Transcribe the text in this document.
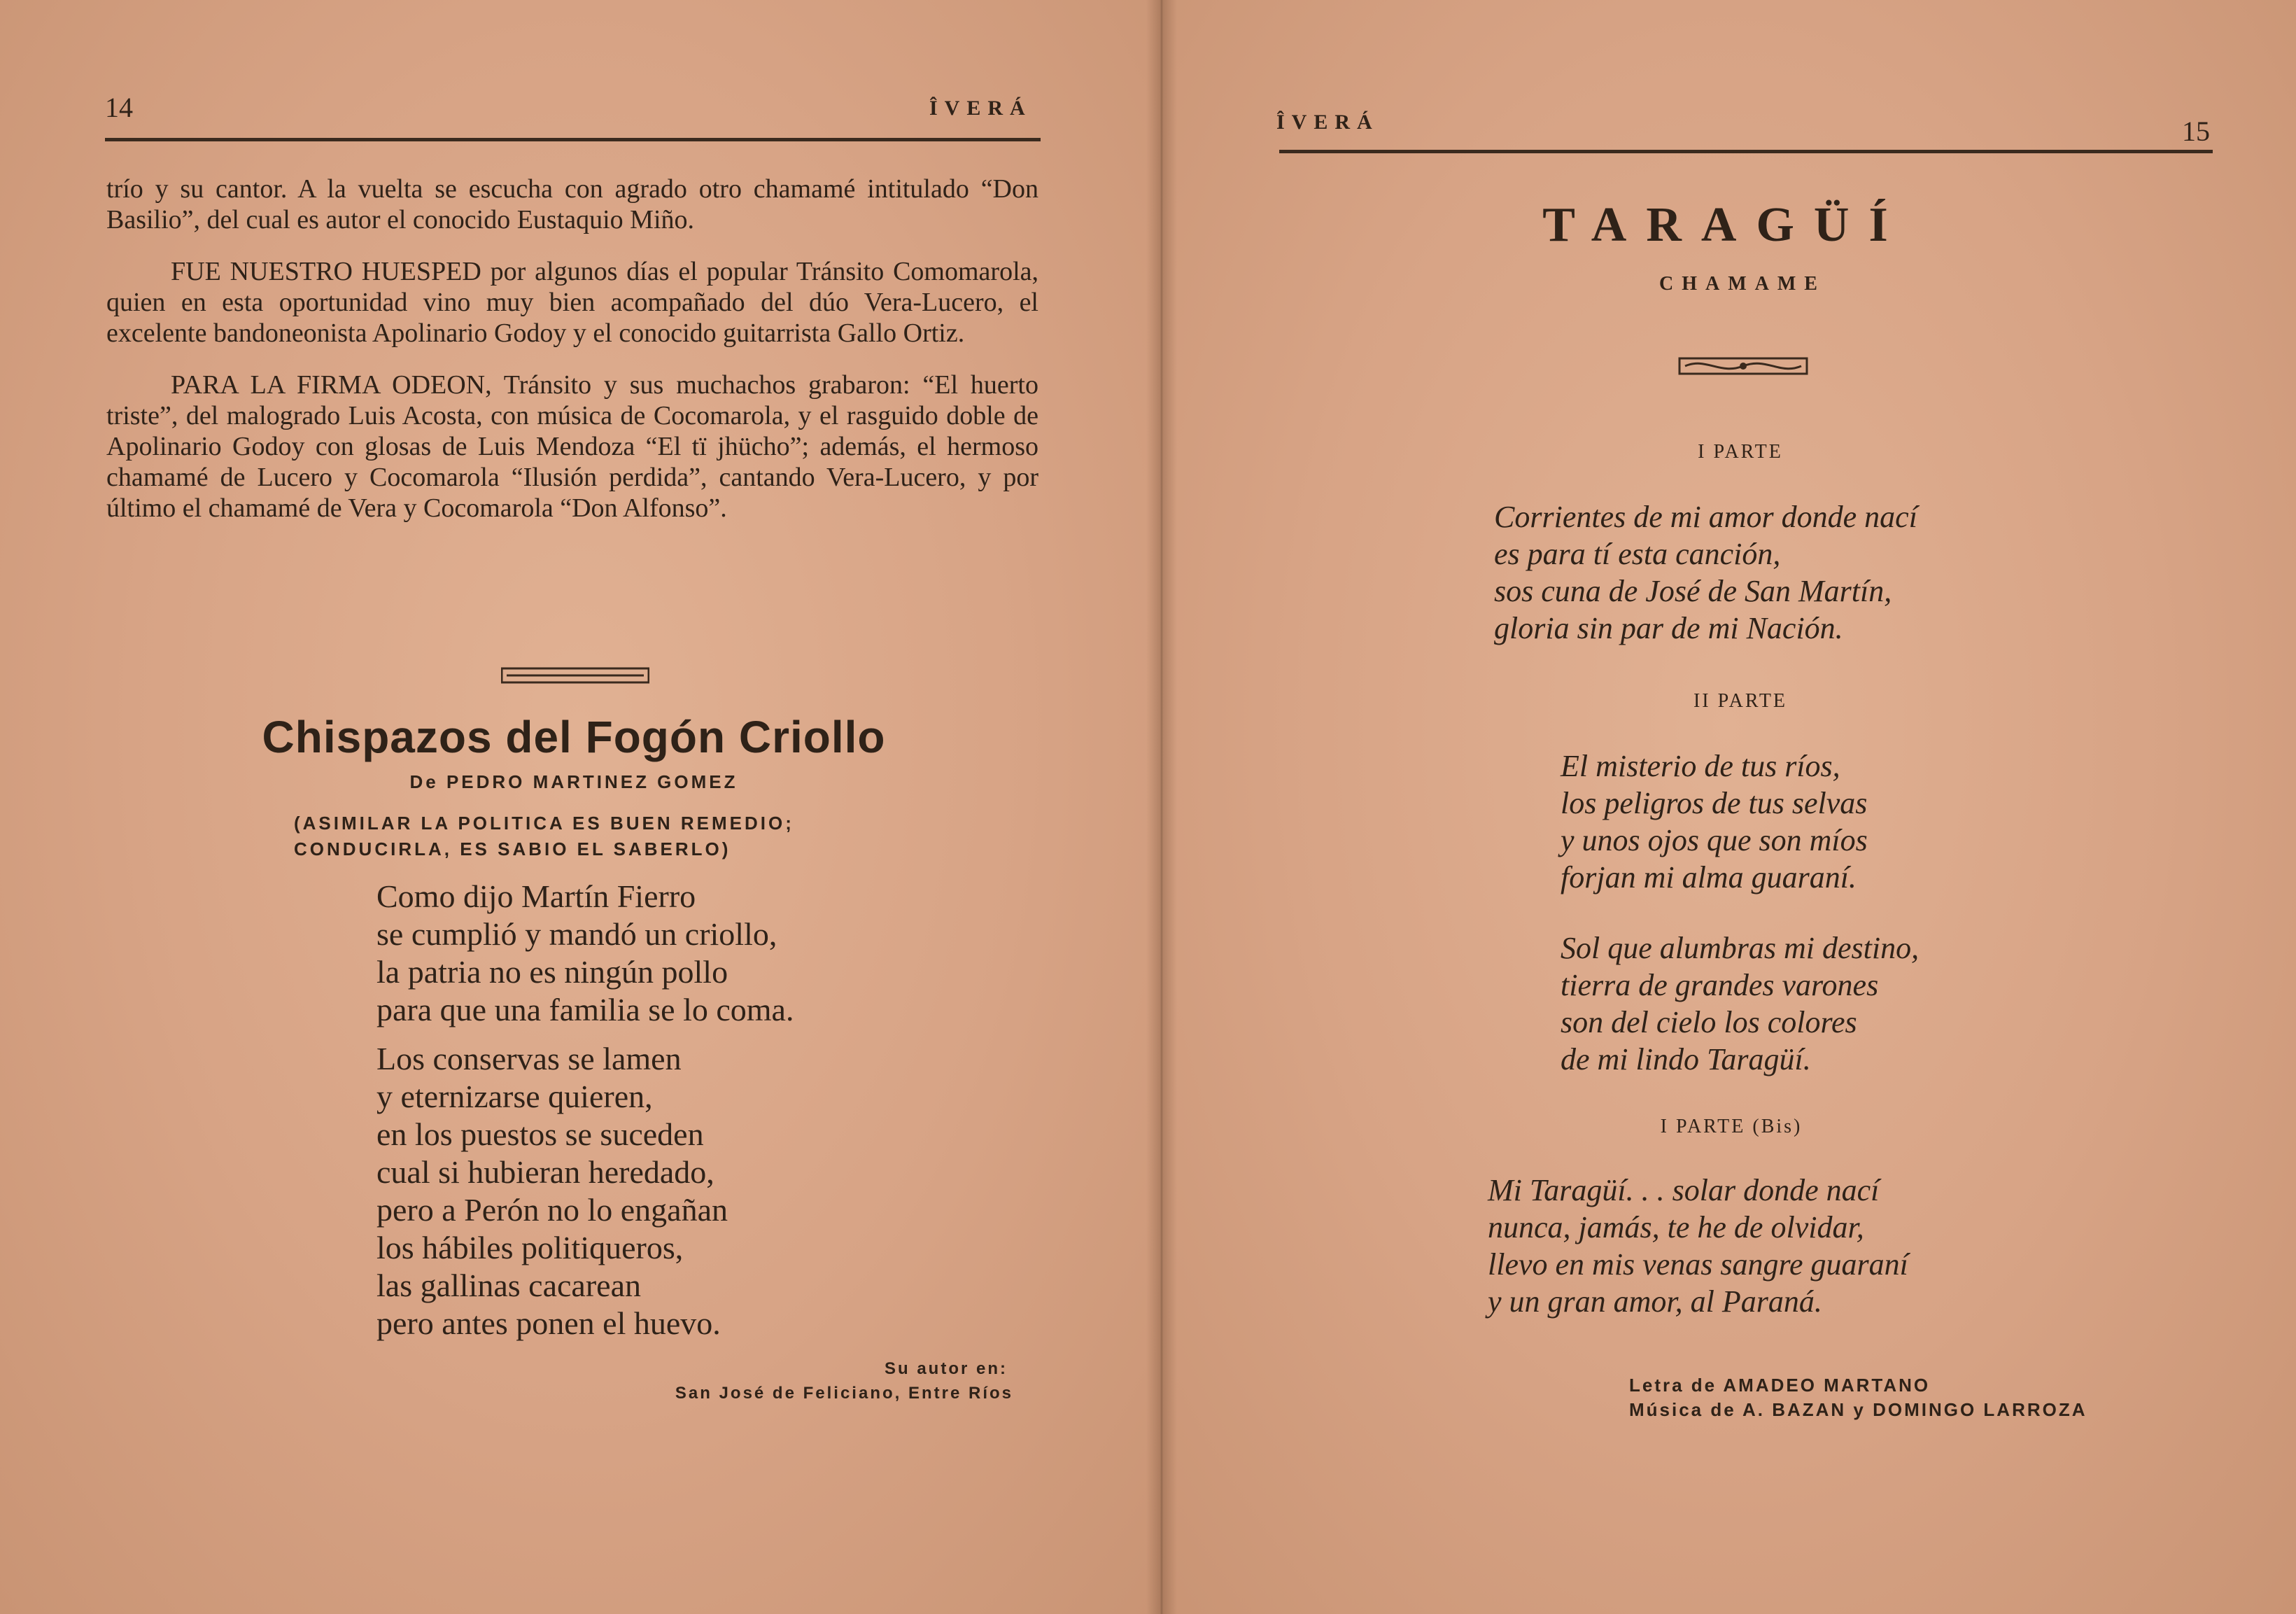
14	ÎVERÁ

trío y su cantor. A la vuelta se escucha con agrado otro chamamé intitulado “Don Basilio”, del cual es autor el conocido Eustaquio Miño.

FUE NUESTRO HUESPED por algunos días el popular Tránsito Comomarola, quien en esta oportunidad vino muy bien acompañado del dúo Vera-Lucero, el excelente bandoneonista Apolinario Godoy y el conocido guitarrista Gallo Ortiz.

PARA LA FIRMA ODEON, Tránsito y sus muchachos grabaron: “El huerto triste”, del malogrado Luis Acosta, con música de Cocomarola, y el rasguido doble de Apolinario Godoy con glosas de Luis Mendoza “El tï jhücho”; además, el hermoso chamamé de Lucero y Cocomarola “Ilusión perdida”, cantando Vera-Lucero, y por último el chamamé de Vera y Cocomarola “Don Alfonso”.

Chispazos del Fogón Criollo
De PEDRO MARTINEZ GOMEZ
(ASIMILAR LA POLITICA ES BUEN REMEDIO;
CONDUCIRLA, ES SABIO EL SABERLO)
Como dijo Martín Fierro
se cumplió y mandó un criollo,
la patria no es ningún pollo
para que una familia se lo coma.
Los conservas se lamen
y eternizarse quieren,
en los puestos se suceden
cual si hubieran heredado,
pero a Perón no lo engañan
los hábiles politiqueros,
las gallinas cacarean
pero antes ponen el huevo.
Su autor en:
San José de Feliciano, Entre Ríos
ÎVERÁ	15
TARAGÜÍ
CHAMAME
I PARTE
Corrientes de mi amor donde nací
es para tí esta canción,
sos cuna de José de San Martín,
gloria sin par de mi Nación.
II PARTE
El misterio de tus ríos,
los peligros de tus selvas
y unos ojos que son míos
forjan mi alma guaraní.
Sol que alumbras mi destino,
tierra de grandes varones
son del cielo los colores
de mi lindo Taragüí.
I PARTE (Bis)
Mi Taragüí. . . solar donde nací
nunca, jamás, te he de olvidar,
llevo en mis venas sangre guaraní
y un gran amor, al Paraná.
Letra de AMADEO MARTANO
Música de A. BAZAN y DOMINGO LARROZA
